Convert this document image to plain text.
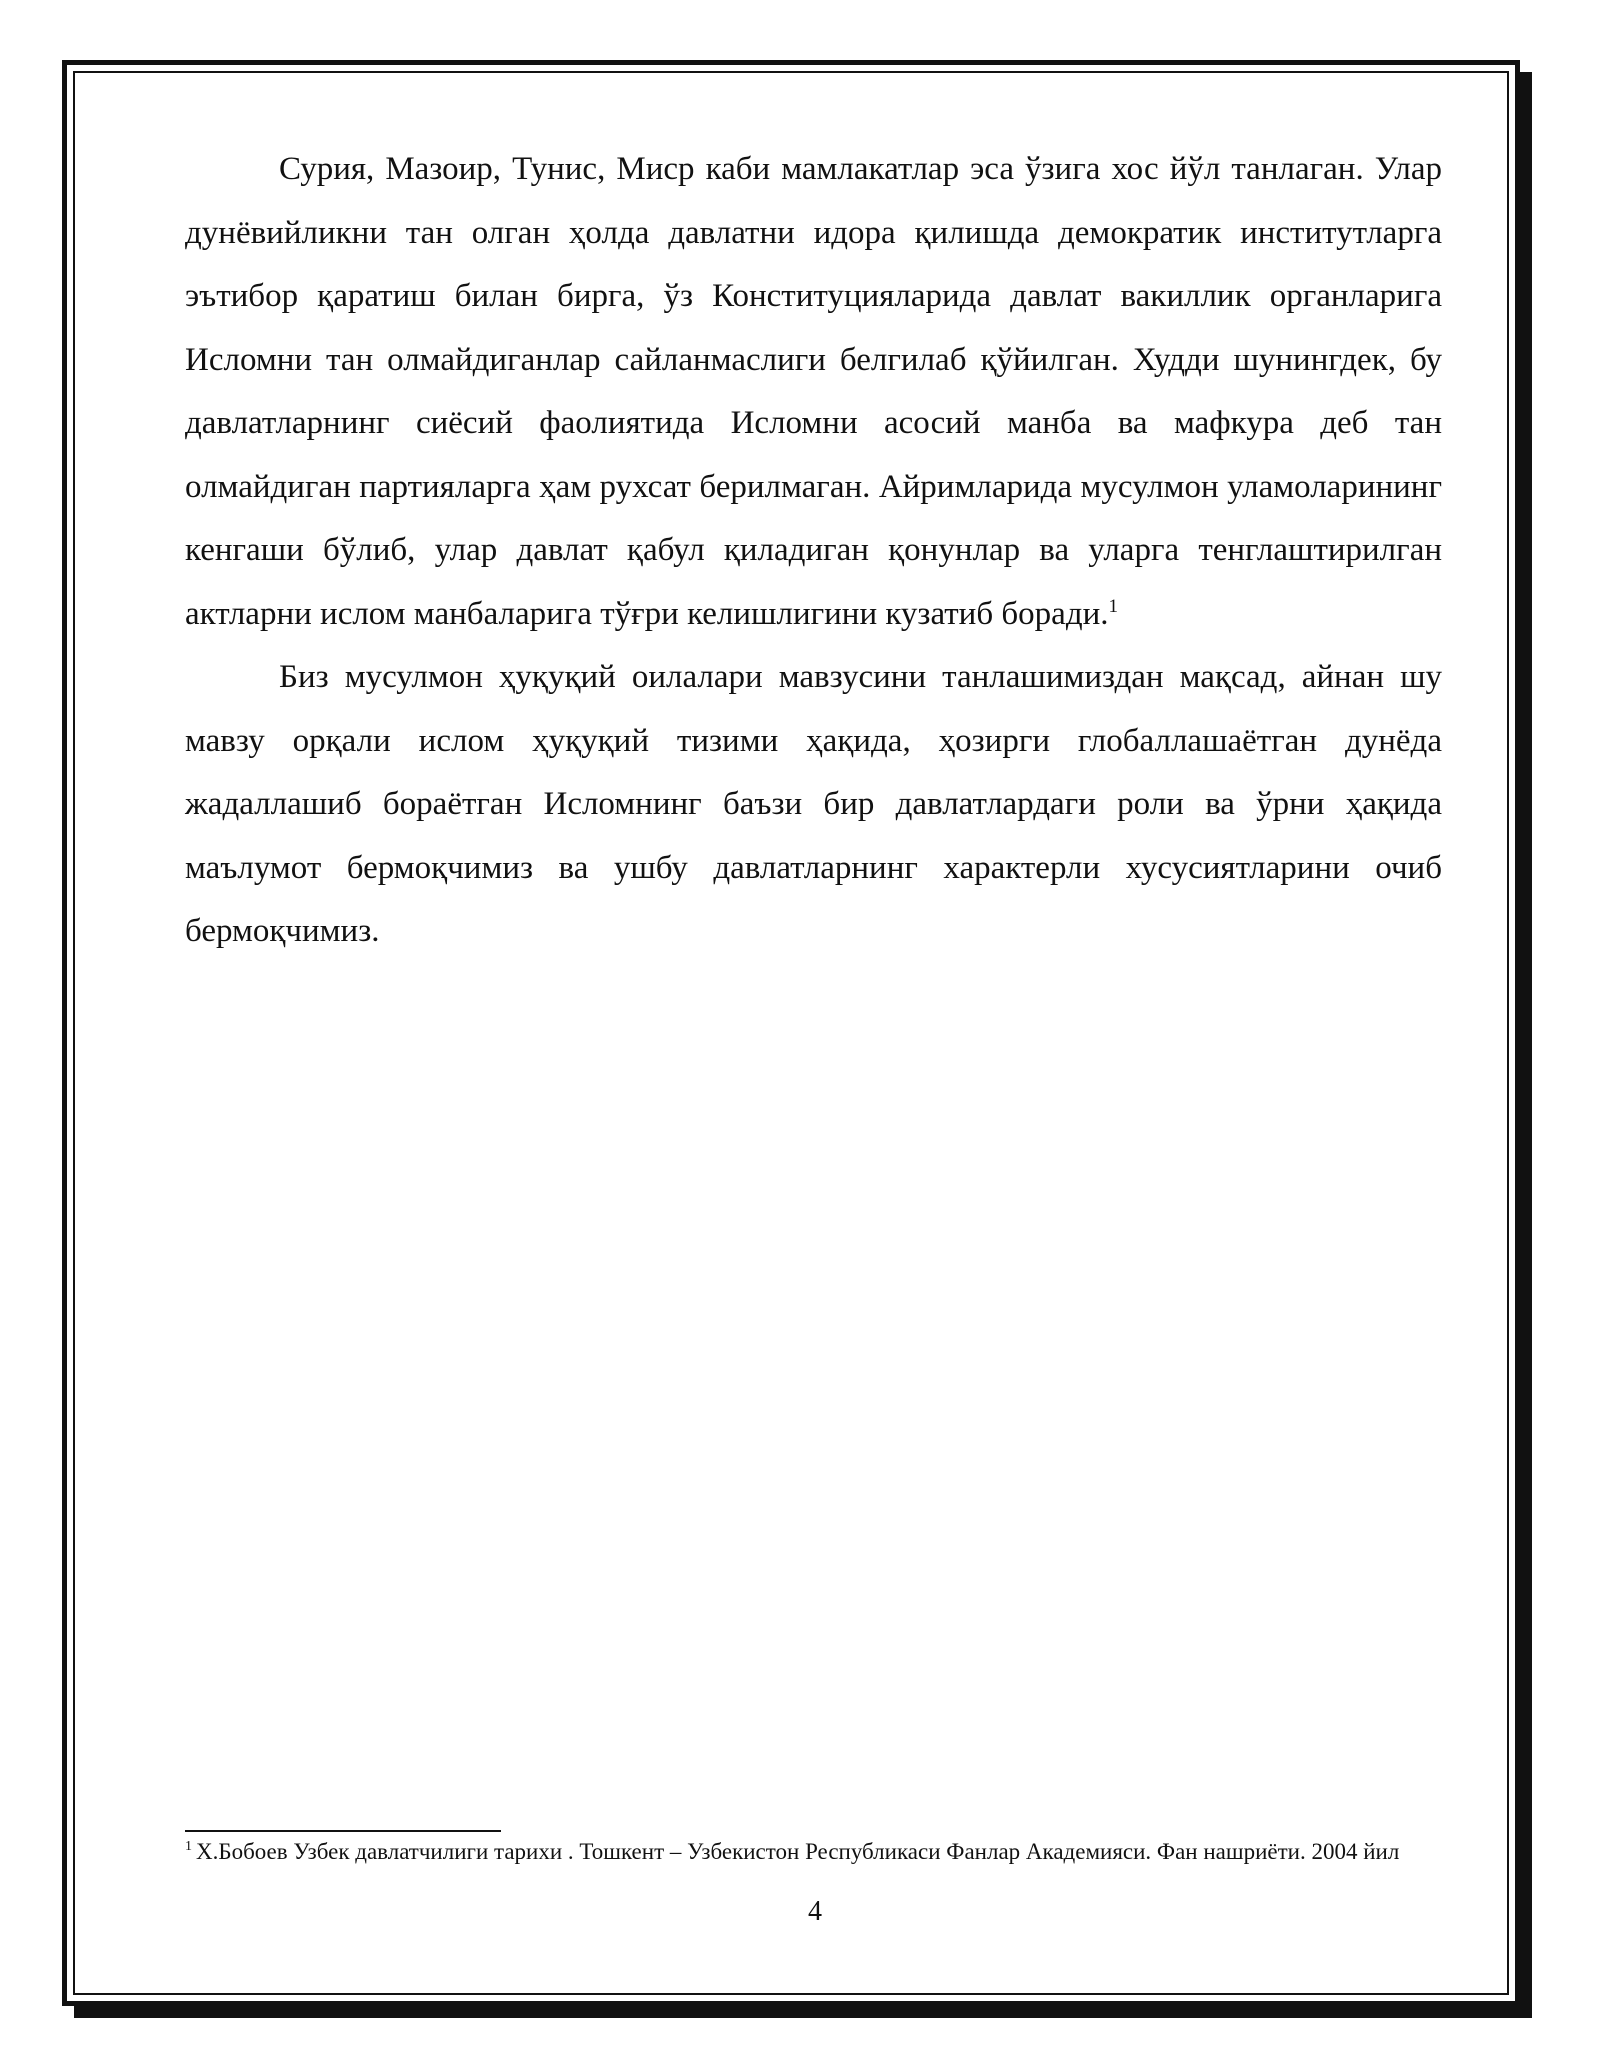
Сурия, Мазоир, Тунис, Миср каби мамлакатлар эса ўзига хос йўл танлаган. Улар дунёвийликни тан олган ҳолда давлатни идора қилишда демократик институтларга эътибор қаратиш билан бирга, ўз Конституцияларида давлат вакиллик органларига Исломни тан олмайдиганлар сайланмаслиги белгилаб қўйилган. Худди шунингдек, бу давлатларнинг сиёсий фаолиятида Исломни асосий манба ва мафкура деб тан олмайдиган партияларга ҳам рухсат берилмаган. Айримларида мусулмон уламоларининг кенгаши бўлиб, улар давлат қабул қиладиган қонунлар ва уларга тенглаштирилган актларни ислом манбаларига тўғри келишлигини кузатиб боради.$^1$

Биз мусулмон ҳуқуқий оилалари мавзусини танлашимиздан мақсад, айнан шу мавзу орқали ислом ҳуқуқий тизими ҳақида, ҳозирги глобаллашаётган дунёда жадаллашиб бораётган Исломнинг баъзи бир давлатлардаги роли ва ўрни ҳақида маълумот бермоқчимиз ва ушбу давлатларнинг характерли хусусиятларини очиб бермоқчимиз.

$^1$ Х.Бобоев Узбек давлатчилиги тарихи . Тошкент – Узбекистон Республикаси Фанлар Академияси. Фан нашриёти. 2004 йил

4
